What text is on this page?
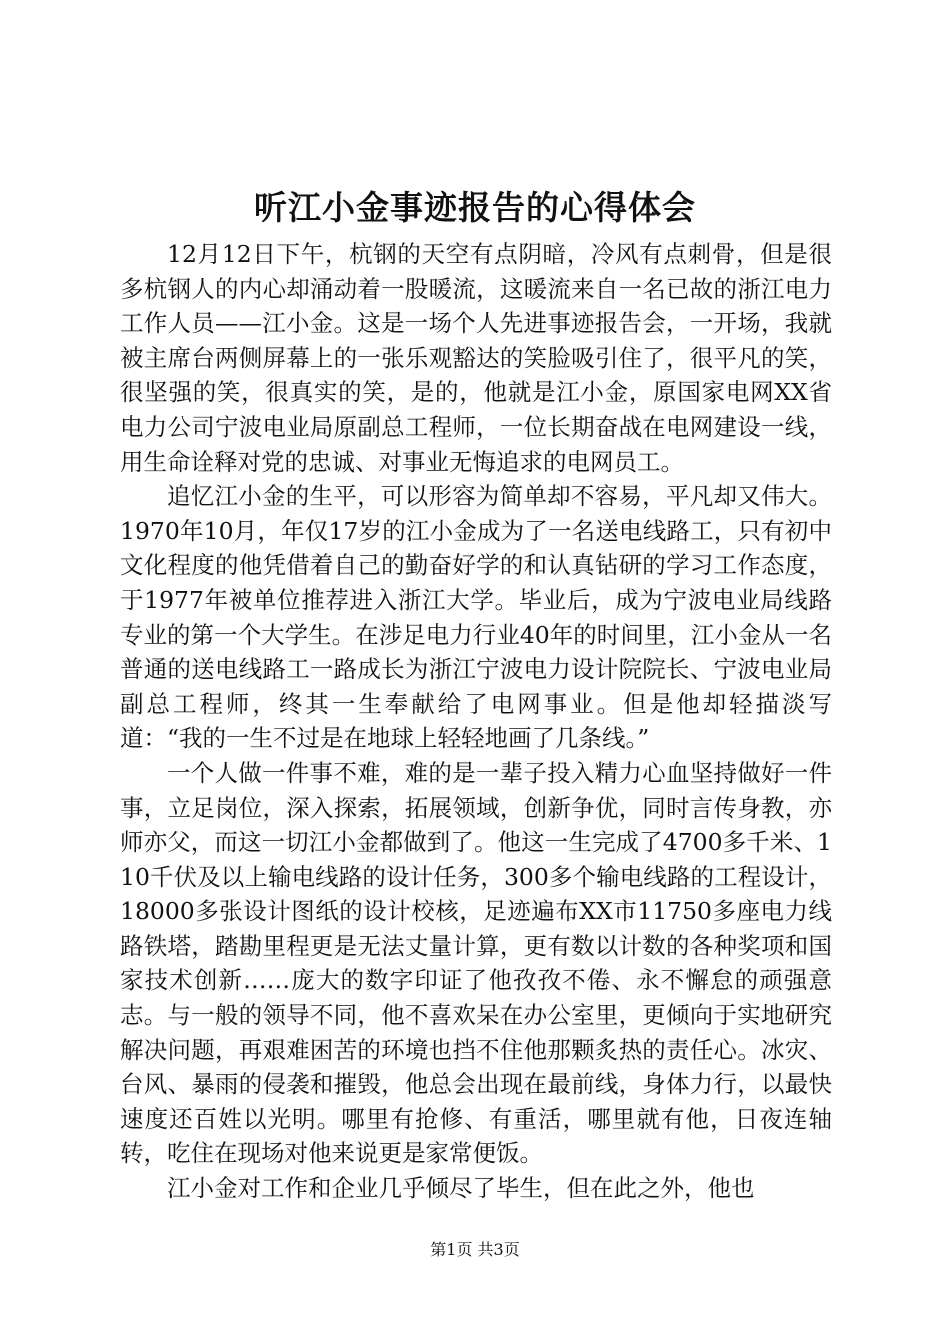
听江小金事迹报告的心得体会

12月12日下午，杭钢的天空有点阴暗，冷风有点刺骨，但是很多杭钢人的内心却涌动着一股暖流，这暖流来自一名已故的浙江电力工作人员——江小金。这是一场个人先进事迹报告会，一开场，我就被主席台两侧屏幕上的一张乐观豁达的笑脸吸引住了，很平凡的笑，很坚强的笑，很真实的笑，是的，他就是江小金，原国家电网XX省电力公司宁波电业局原副总工程师，一位长期奋战在电网建设一线，用生命诠释对党的忠诚、对事业无悔追求的电网员工。

追忆江小金的生平，可以形容为简单却不容易，平凡却又伟大。1970年10月，年仅17岁的江小金成为了一名送电线路工，只有初中文化程度的他凭借着自己的勤奋好学的和认真钻研的学习工作态度，于1977年被单位推荐进入浙江大学。毕业后，成为宁波电业局线路专业的第一个大学生。在涉足电力行业40年的时间里，江小金从一名普通的送电线路工一路成长为浙江宁波电力设计院院长、宁波电业局副总工程师，终其一生奉献给了电网事业。但是他却轻描淡写道：“我的一生不过是在地球上轻轻地画了几条线。”

一个人做一件事不难，难的是一辈子投入精力心血坚持做好一件事，立足岗位，深入探索，拓展领域，创新争优，同时言传身教，亦师亦父，而这一切江小金都做到了。他这一生完成了4700多千米、110千伏及以上输电线路的设计任务，300多个输电线路的工程设计，18000多张设计图纸的设计校核，足迹遍布XX市11750多座电力线路铁塔，踏勘里程更是无法丈量计算，更有数以计数的各种奖项和国家技术创新……庞大的数字印证了他孜孜不倦、永不懈怠的顽强意志。与一般的领导不同，他不喜欢呆在办公室里，更倾向于实地研究解决问题，再艰难困苦的环境也挡不住他那颗炙热的责任心。冰灾、台风、暴雨的侵袭和摧毁，他总会出现在最前线，身体力行，以最快速度还百姓以光明。哪里有抢修、有重活，哪里就有他，日夜连轴转，吃住在现场对他来说更是家常便饭。

江小金对工作和企业几乎倾尽了毕生，但在此之外，他也

第1页 共3页
